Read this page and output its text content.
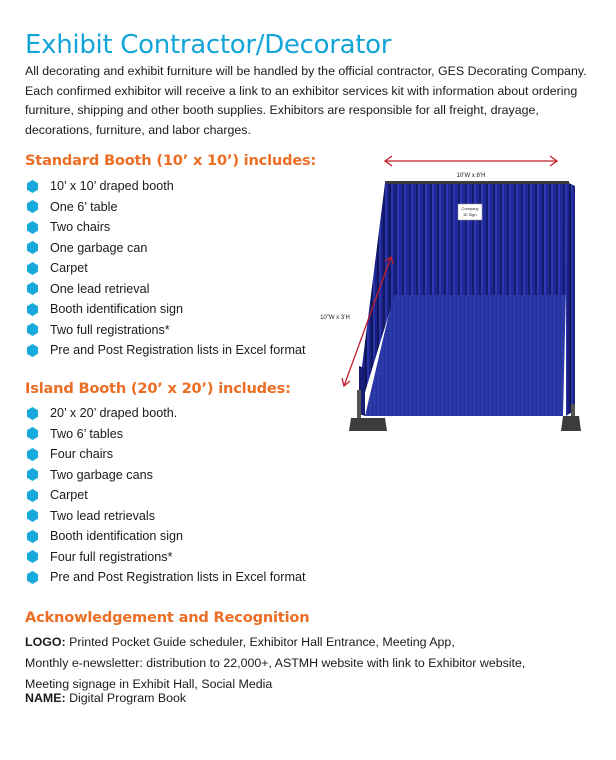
Exhibit Contractor/Decorator

All decorating and exhibit furniture will be handled by the official contractor, GES Decorating Company. Each confirmed exhibitor will receive a link to an exhibitor services kit with information about ordering furniture, shipping and other booth supplies. Exhibitors are responsible for all freight, drayage, decorations, furniture, and labor charges.

Standard Booth (10’ x 10’) includes:
10’ x 10’ draped booth
One 6’ table
Two chairs
One garbage can
Carpet
One lead retrieval
Booth identification sign
Two full registrations*
Pre and Post Registration lists in Excel format
Island Booth (20’ x 20’) includes:
20’ x 20’ draped booth.
Two 6’ tables
Four chairs
Two garbage cans
Carpet
Two lead retrievals
Booth identification sign
Four full registrations*
Pre and Post Registration lists in Excel format
Acknowledgement and Recognition
LOGO: Printed Pocket Guide scheduler, Exhibitor Hall Entrance, Meeting App,
Monthly e-newsletter: distribution to 22,000+, ASTMH website with link to Exhibitor website,
Meeting signage in Exhibit Hall, Social Media
NAME: Digital Program Book
Company
ID Sign
10’W x 8’H
10”W x 3’H
